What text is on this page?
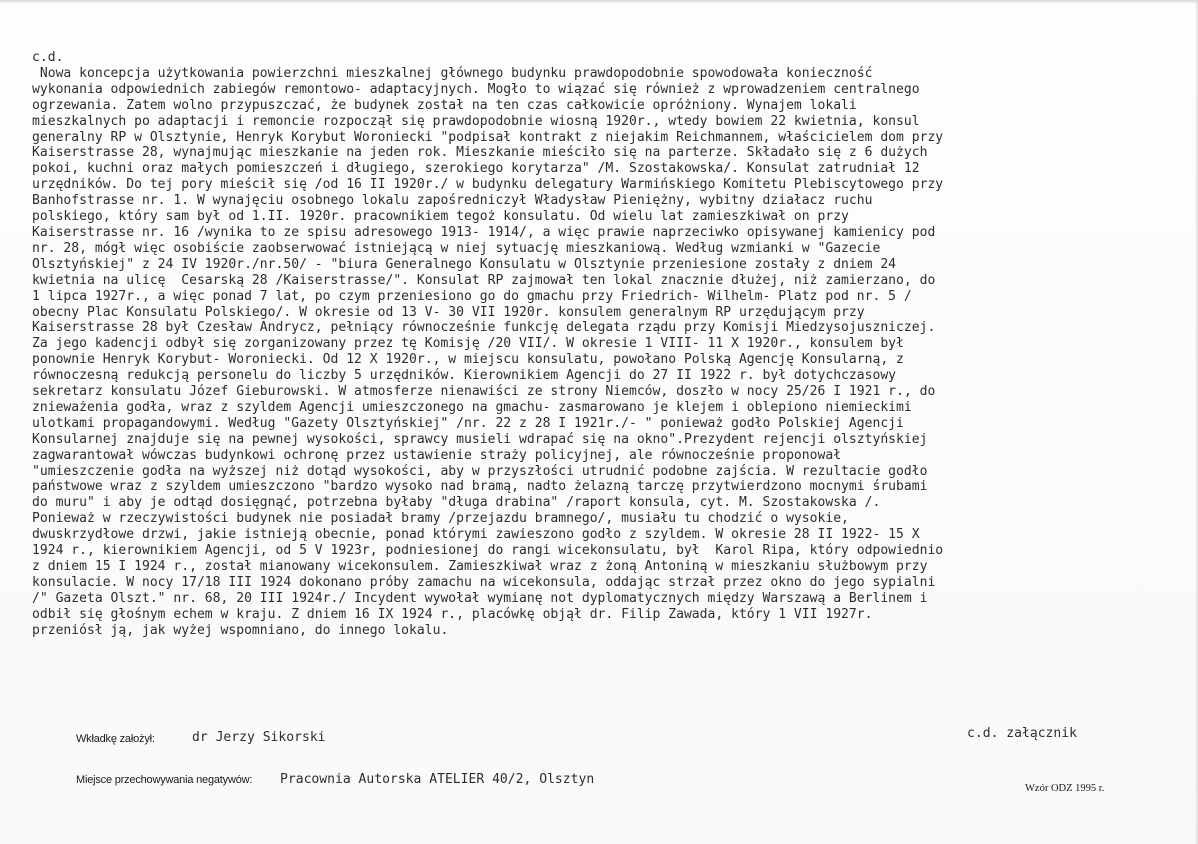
c.d.
Nowa koncepcja użytkowania powierzchni mieszkalnej głównego budynku prawdopodobnie spowodowała konieczność
wykonania odpowiednich zabiegów remontowo- adaptacyjnych. Mogło to wiązać się również z wprowadzeniem centralnego
ogrzewania. Zatem wolno przypuszczać, że budynek został na ten czas całkowicie opróżniony. Wynajem lokali
mieszkalnych po adaptacji i remoncie rozpoczął się prawdopodobnie wiosną 1920r., wtedy bowiem 22 kwietnia, konsul
generalny RP w Olsztynie, Henryk Korybut Woroniecki "podpisał kontrakt z niejakim Reichmannem, właścicielem dom przy
Kaiserstrasse 28, wynajmując mieszkanie na jeden rok. Mieszkanie mieściło się na parterze. Składało się z 6 dużych
pokoi, kuchni oraz małych pomieszczeń i długiego, szerokiego korytarza" /M. Szostakowska/. Konsulat zatrudniał 12
urzędników. Do tej pory mieścił się /od 16 II 1920r./ w budynku delegatury Warmińskiego Komitetu Plebiscytowego przy
Banhofstrasse nr. 1. W wynajęciu osobnego lokalu zapośredniczył Władysław Pieniężny, wybitny działacz ruchu
polskiego, który sam był od 1.II. 1920r. pracownikiem tegoż konsulatu. Od wielu lat zamieszkiwał on przy
Kaiserstrasse nr. 16 /wynika to ze spisu adresowego 1913- 1914/, a więc prawie naprzeciwko opisywanej kamienicy pod
nr. 28, mógł więc osobiście zaobserwować istniejącą w niej sytuację mieszkaniową. Według wzmianki w "Gazecie
Olsztyńskiej" z 24 IV 1920r./nr.50/ - "biura Generalnego Konsulatu w Olsztynie przeniesione zostały z dniem 24
kwietnia na ulicę  Cesarską 28 /Kaiserstrasse/". Konsulat RP zajmował ten lokal znacznie dłużej, niż zamierzano, do
1 lipca 1927r., a więc ponad 7 lat, po czym przeniesiono go do gmachu przy Friedrich- Wilhelm- Platz pod nr. 5 /
obecny Plac Konsulatu Polskiego/. W okresie od 13 V- 30 VII 1920r. konsulem generalnym RP urzędującym przy
Kaiserstrasse 28 był Czesław Andrycz, pełniący równocześnie funkcję delegata rządu przy Komisji Miedzysojuszniczej.
Za jego kadencji odbył się zorganizowany przez tę Komisję /20 VII/. W okresie 1 VIII- 11 X 1920r., konsulem był
ponownie Henryk Korybut- Woroniecki. Od 12 X 1920r., w miejscu konsulatu, powołano Polską Agencję Konsularną, z
równoczesną redukcją personelu do liczby 5 urzędników. Kierownikiem Agencji do 27 II 1922 r. był dotychczasowy
sekretarz konsulatu Józef Gieburowski. W atmosferze nienawiści ze strony Niemców, doszło w nocy 25/26 I 1921 r., do
znieważenia godła, wraz z szyldem Agencji umieszczonego na gmachu- zasmarowano je klejem i oblepiono niemieckimi
ulotkami propagandowymi. Według "Gazety Olsztyńskiej" /nr. 22 z 28 I 1921r./- " ponieważ godło Polskiej Agencji
Konsularnej znajduje się na pewnej wysokości, sprawcy musieli wdrapać się na okno".Prezydent rejencji olsztyńskiej
zagwarantował wówczas budynkowi ochronę przez ustawienie straży policyjnej, ale równocześnie proponował
"umieszczenie godła na wyższej niż dotąd wysokości, aby w przyszłości utrudnić podobne zajścia. W rezultacie godło
państwowe wraz z szyldem umieszczono "bardzo wysoko nad bramą, nadto żelazną tarczę przytwierdzono mocnymi śrubami
do muru" i aby je odtąd dosięgnąć, potrzebna byłaby "długa drabina" /raport konsula, cyt. M. Szostakowska /.
Ponieważ w rzeczywistości budynek nie posiadał bramy /przejazdu bramnego/, musiału tu chodzić o wysokie,
dwuskrzydłowe drzwi, jakie istnieją obecnie, ponad którymi zawieszono godło z szyldem. W okresie 28 II 1922- 15 X
1924 r., kierownikiem Agencji, od 5 V 1923r, podniesionej do rangi wicekonsulatu, był  Karol Ripa, który odpowiednio
z dniem 15 I 1924 r., został mianowany wicekonsulem. Zamieszkiwał wraz z żoną Antoniną w mieszkaniu służbowym przy
konsulacie. W nocy 17/18 III 1924 dokonano próby zamachu na wicekonsula, oddając strzał przez okno do jego sypialni
/" Gazeta Olszt." nr. 68, 20 III 1924r./ Incydent wywołał wymianę not dyplomatycznych między Warszawą a Berlinem i
odbił się głośnym echem w kraju. Z dniem 16 IX 1924 r., placówkę objął dr. Filip Zawada, który 1 VII 1927r.
przeniósł ją, jak wyżej wspomniano, do innego lokalu.
Wkładkę założył:	dr Jerzy Sikorski	c.d. załącznik
Miejsce przechowywania negatywów: Pracownia Autorska ATELIER 40/2, Olsztyn
Wzór ODZ 1995 r.
